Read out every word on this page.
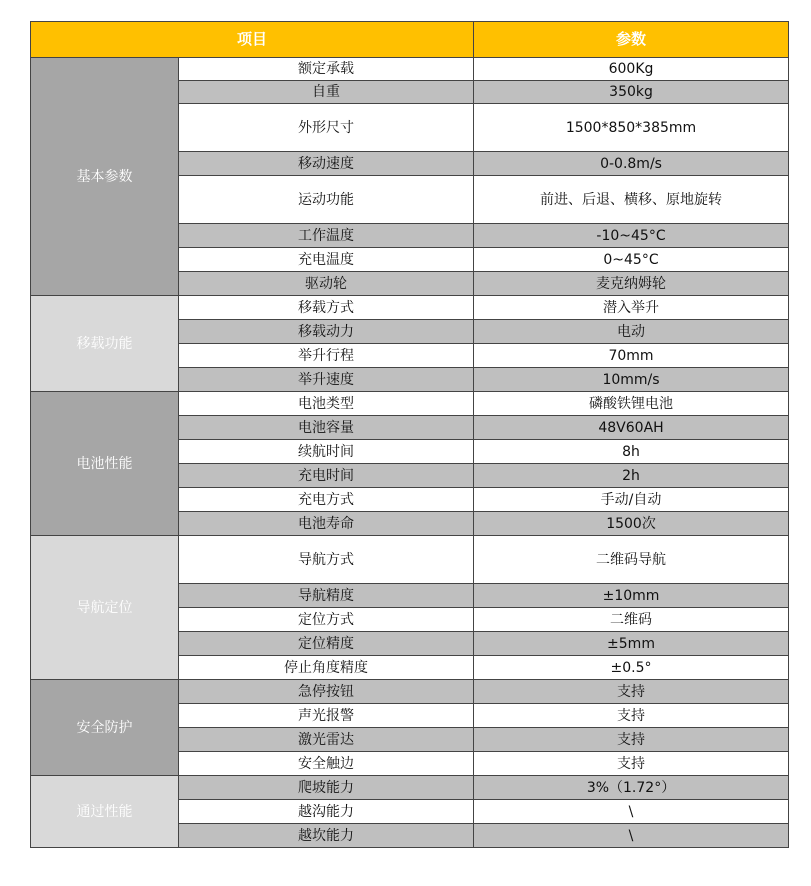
项目		参数
基本参数	额定承载	600Kg
	自重	350kg
	外形尺寸	1500*850*385mm
	移动速度	0-0.8m/s
	运动功能	前进、后退、横移、原地旋转
	工作温度	-10~45°C
	充电温度	0~45°C
	驱动轮	麦克纳姆轮
移载功能	移载方式	潜入举升
	移载动力	电动
	举升行程	70mm
	举升速度	10mm/s
电池性能	电池类型	磷酸铁锂电池
	电池容量	48V60AH
	续航时间	8h
	充电时间	2h
	充电方式	手动/自动
	电池寿命	1500次
导航定位	导航方式	二维码导航
	导航精度	±10mm
	定位方式	二维码
	定位精度	±5mm
	停止角度精度	±0.5°
安全防护	急停按钮	支持
	声光报警	支持
	激光雷达	支持
	安全触边	支持
通过性能	爬坡能力	3%（1.72°）
	越沟能力	\
	越坎能力	\
